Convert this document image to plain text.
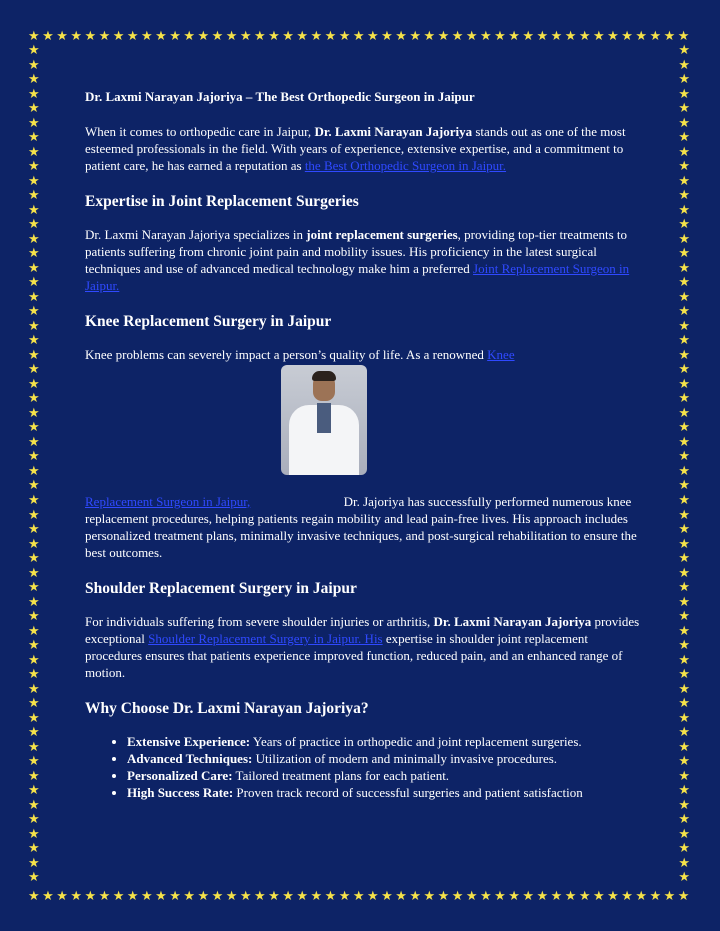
★ ★ ★ ★ ★ ★ ★ ★ ★ ★ ★ ★ ★ ★ ★ ★ ★ ★ ★ ★ ★ ★ ★ ★ ★ ★ ★ ★ ★ ★ ★ ★ ★ ★ ★ ★ ★ ★ ★ ★ ★ ★ ★ ★ ★ ★ ★
★ ★ ★ ★ ★ ★ ★ ★ ★ ★ ★ ★ ★ ★ ★ ★ ★ ★ ★ ★ ★ ★ ★ ★ ★ ★ ★ ★ ★ ★ ★ ★ ★ ★ ★ ★ ★ ★ ★ ★ ★ ★ ★ ★ ★ ★ ★
★
★
★
★
★
★
★
★
★
★
★
★
★
★
★
★
★
★
★
★
★
★
★
★
★
★
★
★
★
★
★
★
★
★
★
★
★
★
★
★
★
★
★
★
★
★
★
★
★
★
★
★
★
★
★
★
★
★
★
★
★
★
★
★
★
★
★
★
★
★
★
★
★
★
★
★
★
★
★
★
★
★
★
★
★
★
★
★
★
★
★
★
★
★
★
★
★
★
★
★
★
★
★
★
★
★
★
★
★
★
★
★
★
★
★
★
Dr. Laxmi Narayan Jajoriya – The Best Orthopedic Surgeon in Jaipur

When it comes to orthopedic care in Jaipur, Dr. Laxmi Narayan Jajoriya stands out as one of the most esteemed professionals in the field. With years of experience, extensive expertise, and a commitment to patient care, he has earned a reputation as the Best Orthopedic Surgeon in Jaipur.

Expertise in Joint Replacement Surgeries

Dr. Laxmi Narayan Jajoriya specializes in joint replacement surgeries, providing top-tier treatments to patients suffering from chronic joint pain and mobility issues. His proficiency in the latest surgical techniques and use of advanced medical technology make him a preferred Joint Replacement Surgeon in Jaipur.

Knee Replacement Surgery in Jaipur
Knee problems can severely impact a person’s quality of life. As a renowned Knee

Replacement Surgeon in Jaipur,	Dr. Jajoriya has successfully performed numerous knee replacement procedures, helping patients regain mobility and lead pain-free lives. His approach includes personalized treatment plans, minimally invasive techniques, and post-surgical rehabilitation to ensure the best outcomes.

Shoulder Replacement Surgery in Jaipur

For individuals suffering from severe shoulder injuries or arthritis, Dr. Laxmi Narayan Jajoriya provides exceptional Shoulder Replacement Surgery in Jaipur. His expertise in shoulder joint replacement procedures ensures that patients experience improved function, reduced pain, and an enhanced range of motion.

Why Choose Dr. Laxmi Narayan Jajoriya?
• Extensive Experience: Years of practice in orthopedic and joint replacement surgeries.
• Advanced Techniques: Utilization of modern and minimally invasive procedures.
• Personalized Care: Tailored treatment plans for each patient.
• High Success Rate: Proven track record of successful surgeries and patient satisfaction
